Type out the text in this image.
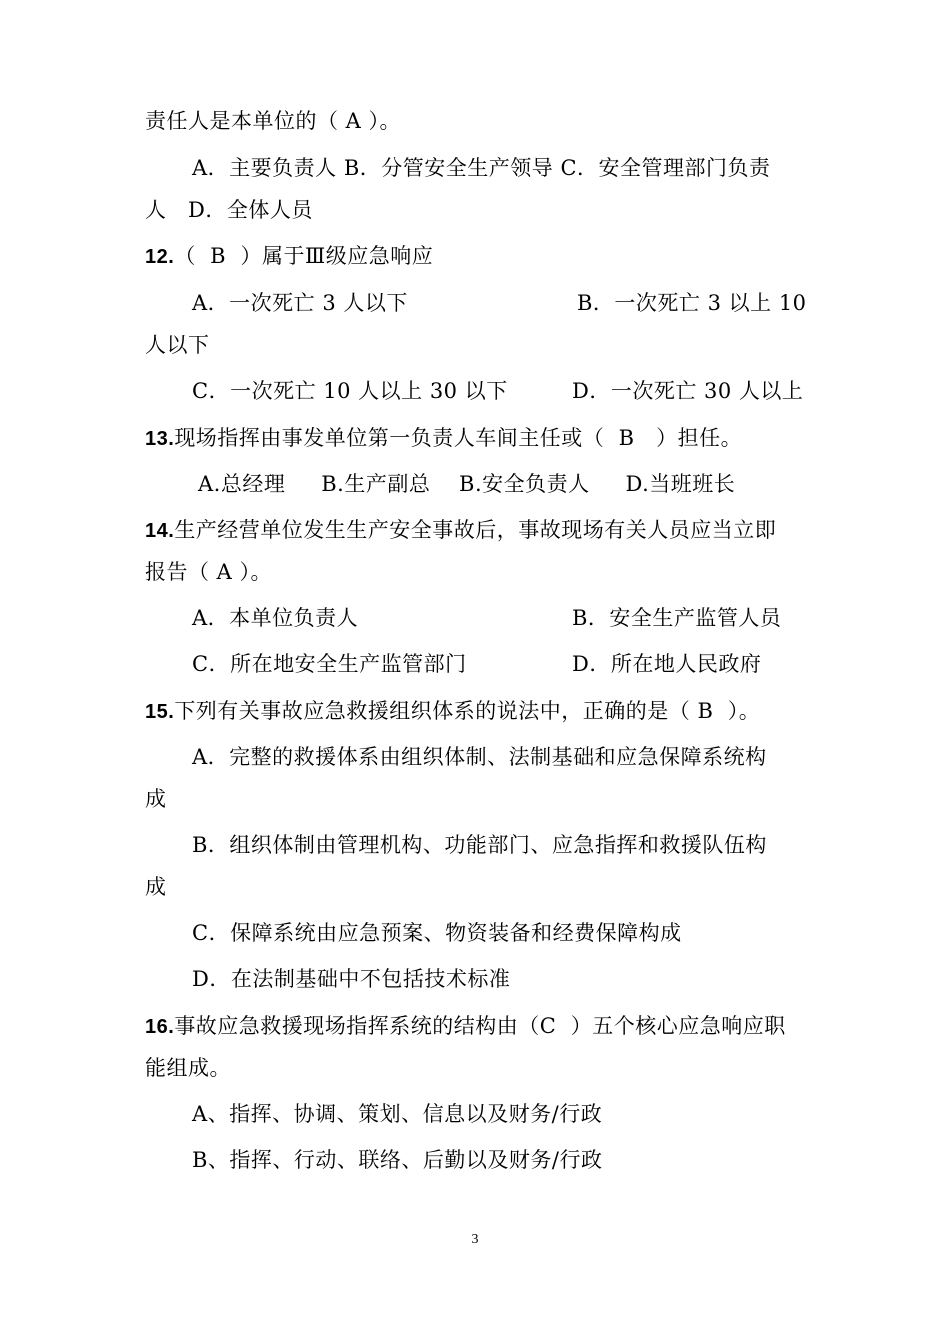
责任人是本单位的（ A ）。
A．主要负责人 B．分管安全生产领导 C．安全管理部门负责
人   D．全体人员
12.（  B  ）属于Ⅲ级应急响应
A．一次死亡 3 人以下	B．一次死亡 3 以上 10
人以下
C．一次死亡 10 人以上 30 以下	D．一次死亡 30 人以上
13.现场指挥由事发单位第一负责人车间主任或（  B   ）担任。
A.总经理     B.生产副总    B.安全负责人     D.当班班长
14.生产经营单位发生生产安全事故后，事故现场有关人员应当立即
报告（ A ）。
A．本单位负责人	B．安全生产监管人员
C．所在地安全生产监管部门	D．所在地人民政府
15.下列有关事故应急救援组织体系的说法中，正确的是（ B  ）。
A．完整的救援体系由组织体制、法制基础和应急保障系统构
成
B．组织体制由管理机构、功能部门、应急指挥和救援队伍构
成
C．保障系统由应急预案、物资装备和经费保障构成
D．在法制基础中不包括技术标准
16.事故应急救援现场指挥系统的结构由（C  ）五个核心应急响应职
能组成。
A、指挥、协调、策划、信息以及财务/行政
B、指挥、行动、联络、后勤以及财务/行政
3
